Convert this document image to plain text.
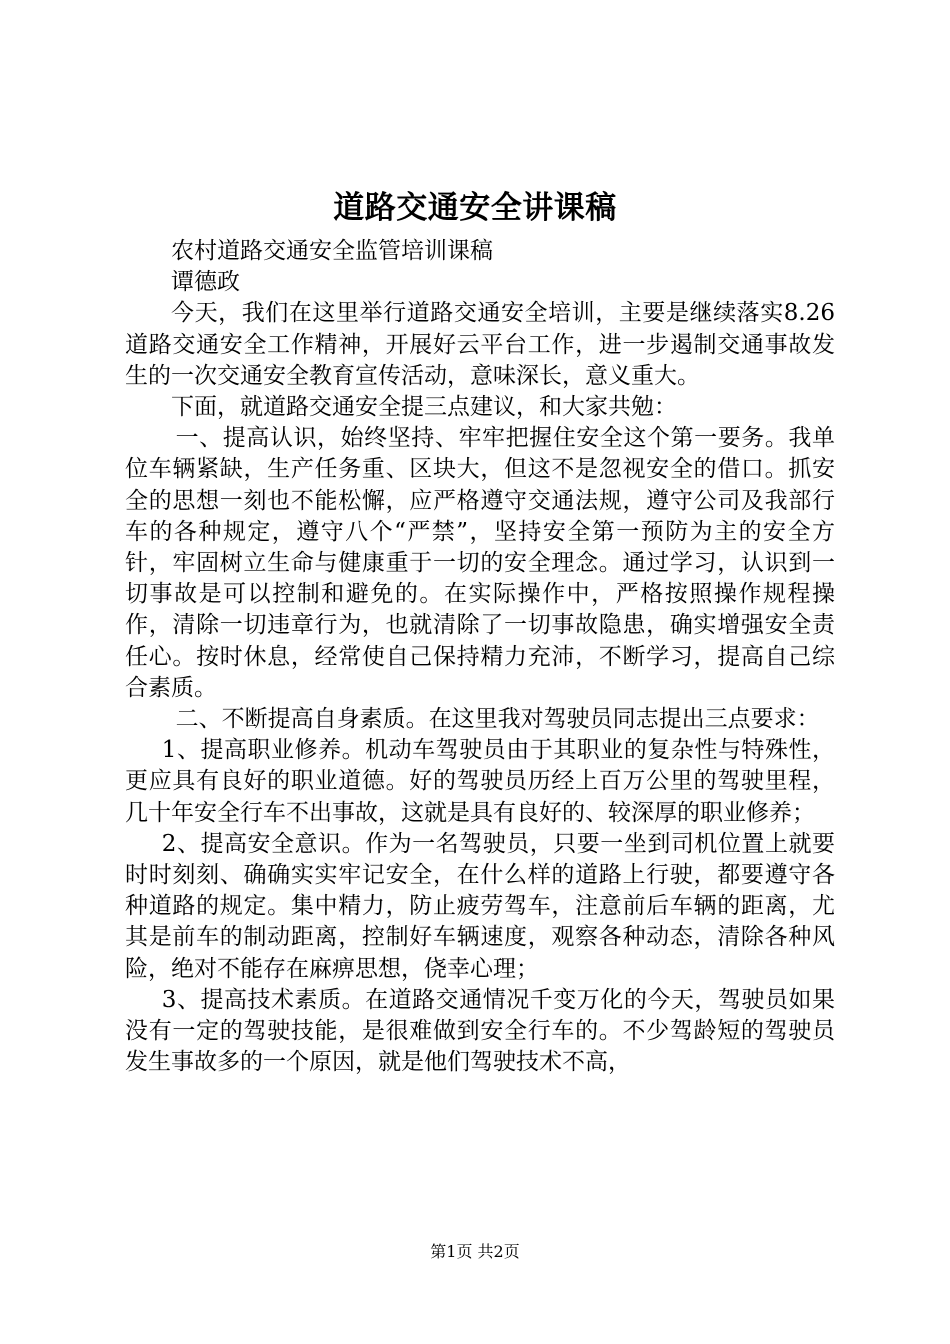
道路交通安全讲课稿

农村道路交通安全监管培训课稿

谭德政

今天，我们在这里举行道路交通安全培训，主要是继续落实8.26道路交通安全工作精神，开展好云平台工作，进一步遏制交通事故发生的一次交通安全教育宣传活动，意味深长，意义重大。

下面，就道路交通安全提三点建议，和大家共勉：

一、提高认识，始终坚持、牢牢把握住安全这个第一要务。我单位车辆紧缺，生产任务重、区块大，但这不是忽视安全的借口。抓安全的思想一刻也不能松懈，应严格遵守交通法规，遵守公司及我部行车的各种规定，遵守八个“严禁”，坚持安全第一预防为主的安全方针，牢固树立生命与健康重于一切的安全理念。通过学习，认识到一切事故是可以控制和避免的。在实际操作中，严格按照操作规程操作，清除一切违章行为，也就清除了一切事故隐患，确实增强安全责任心。按时休息，经常使自己保持精力充沛，不断学习，提高自己综合素质。

二、不断提高自身素质。在这里我对驾驶员同志提出三点要求：

1、提高职业修养。机动车驾驶员由于其职业的复杂性与特殊性，更应具有良好的职业道德。好的驾驶员历经上百万公里的驾驶里程，几十年安全行车不出事故，这就是具有良好的、较深厚的职业修养；

2、提高安全意识。作为一名驾驶员，只要一坐到司机位置上就要时时刻刻、确确实实牢记安全，在什么样的道路上行驶，都要遵守各种道路的规定。集中精力，防止疲劳驾车，注意前后车辆的距离，尤其是前车的制动距离，控制好车辆速度，观察各种动态，清除各种风险，绝对不能存在麻痹思想，侥幸心理；

3、提高技术素质。在道路交通情况千变万化的今天，驾驶员如果没有一定的驾驶技能，是很难做到安全行车的。不少驾龄短的驾驶员发生事故多的一个原因，就是他们驾驶技术不高，

第1页 共2页
